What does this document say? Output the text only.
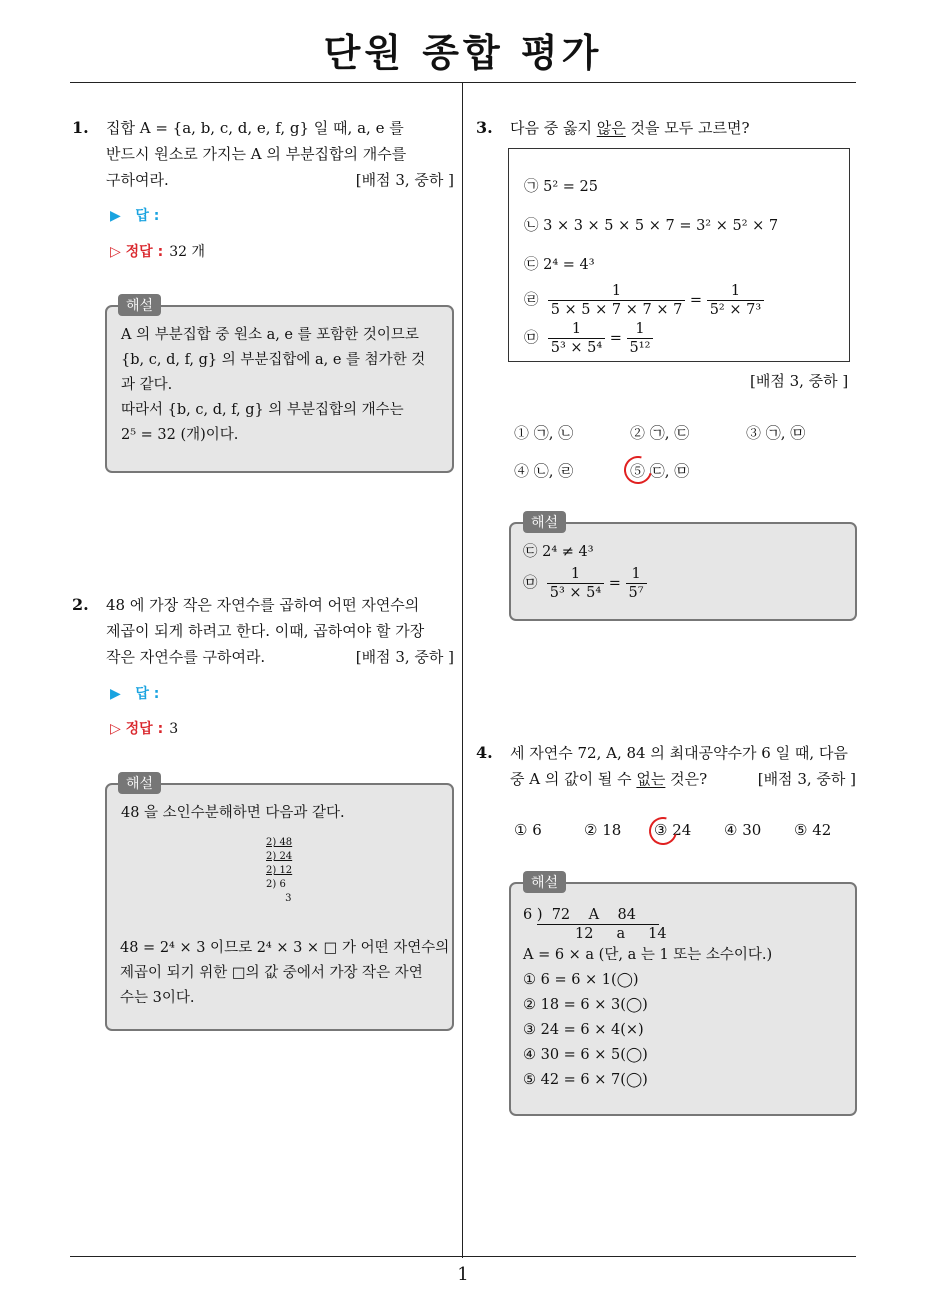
단원 종합 평가
1
1. 집합 A = {a, b, c, d, e, f, g} 일 때, a, e 를
반드시 원소로 가지는 A 의 부분집합의 개수를
구하여라.	[배점 3, 중하 ]
▶ 답 :
▷ 정답 : 32 개
A 의 부분집합 중 원소 a, e 를 포함한 것이므로
{b, c, d, f, g} 의 부분집합에 a, e 를 첨가한 것
과 같다.
따라서 {b, c, d, f, g} 의 부분집합의 개수는
2⁵ = 32 (개)이다.
해설
2. 48 에 가장 작은 자연수를 곱하여 어떤 자연수의
제곱이 되게 하려고 한다. 이때, 곱하여야 할 가장
작은 자연수를 구하여라.	[배점 3, 중하 ]
▶ 답 :
▷ 정답 : 3
48 을 소인수분해하면 다음과 같다.
2) 48
2) 24
2) 12
2) 6
3
48 = 2⁴ × 3 이므로 2⁴ × 3 × □ 가 어떤 자연수의
제곱이 되기 위한 □의 값 중에서 가장 작은 자연
수는 3이다.
해설
3. 다음 중 옳지 않은 것을 모두 고르면?
㉠ 5² = 25
㉡ 3 × 3 × 5 × 5 × 7 = 3² × 5² × 7
㉢ 2⁴ = 4³
㉣ $\frac{1}{5 \times 5 \times 7 \times 7 \times 7} = \frac{1}{\text{5² × 7³}}$
㉤ $\frac{1}{\text{5³ × 5⁴}} = \frac{1}{\text{5¹²}}$
[배점 3, 중하 ]
① ㉠, ㉡	② ㉠, ㉢	③ ㉠, ㉤
④ ㉡, ㉣	⑤ ㉢, ㉤
㉢ 2⁴ ≠ 4³
㉤ $\frac{1}{\text{5³ × 5⁴}} = \frac{1}{\text{5⁷}}$
해설
4. 세 자연수 72, A, 84 의 최대공약수가 6 일 때, 다음
중 A 의 값이 될 수 없는 것은?	[배점 3, 중하 ]
① 6	② 18 ③ 24 ④ 30 ⑤ 42
6 )  72    A    84
12     a     14
A = 6 × a (단, a 는 1 또는 소수이다.)
① 6 = 6 × 1(◯)
② 18 = 6 × 3(◯)
③ 24 = 6 × 4(×)
④ 30 = 6 × 5(◯)
⑤ 42 = 6 × 7(◯)
해설
